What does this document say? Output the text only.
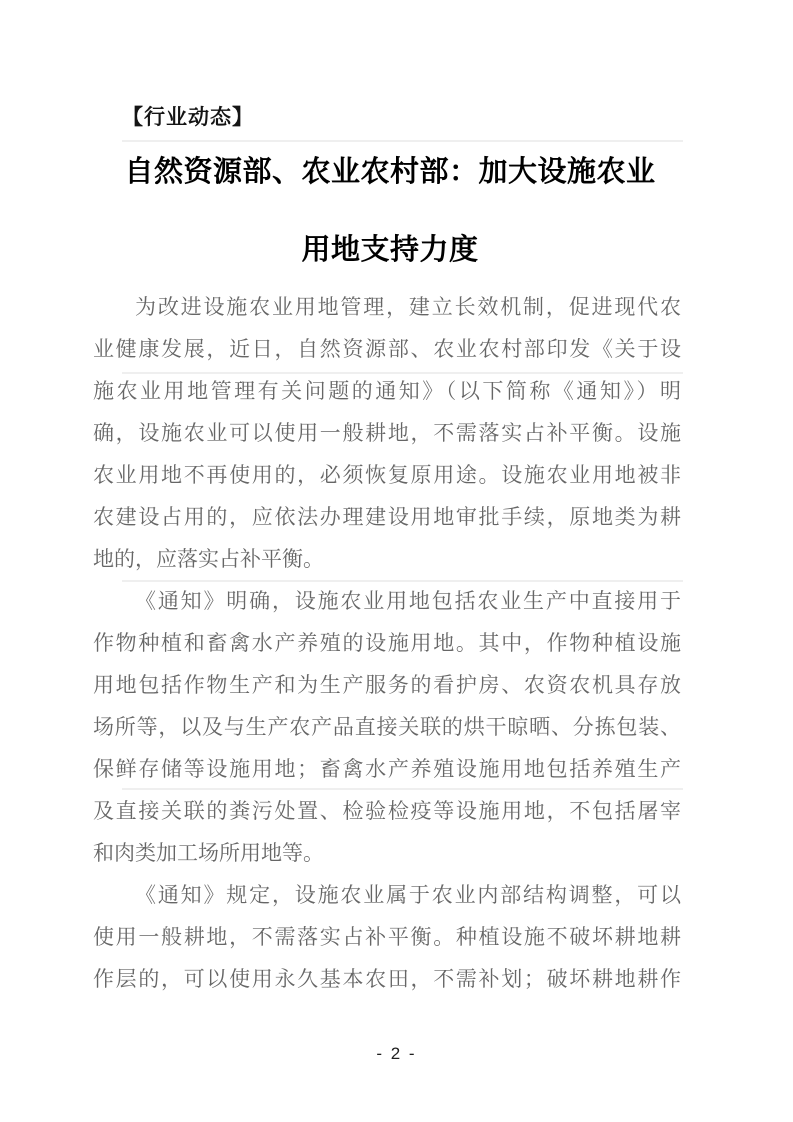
【行业动态】
自然资源部、农业农村部：加大设施农业
用地支持力度
为改进设施农业用地管理，建立长效机制，促进现代农
业健康发展，近日，自然资源部、农业农村部印发《关于设
施农业用地管理有关问题的通知》（以下简称《通知》）明
确，设施农业可以使用一般耕地，不需落实占补平衡。设施
农业用地不再使用的，必须恢复原用途。设施农业用地被非
农建设占用的，应依法办理建设用地审批手续，原地类为耕
地的，应落实占补平衡。
《通知》明确，设施农业用地包括农业生产中直接用于
作物种植和畜禽水产养殖的设施用地。其中，作物种植设施
用地包括作物生产和为生产服务的看护房、农资农机具存放
场所等，以及与生产农产品直接关联的烘干晾晒、分拣包装、
保鲜存储等设施用地；畜禽水产养殖设施用地包括养殖生产
及直接关联的粪污处置、检验检疫等设施用地，不包括屠宰
和肉类加工场所用地等。
《通知》规定，设施农业属于农业内部结构调整，可以
使用一般耕地，不需落实占补平衡。种植设施不破坏耕地耕
作层的，可以使用永久基本农田，不需补划；破坏耕地耕作
- 2 -
